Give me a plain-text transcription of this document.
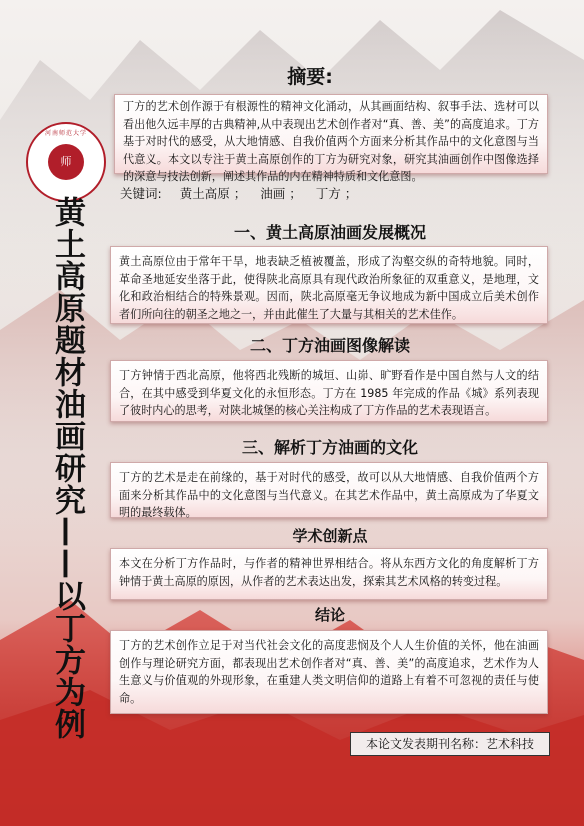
河南师范大学
师
黄土高原题材油画研究——以丁方为例
摘要:
丁方的艺术创作源于有根源性的精神文化涌动，从其画面结构、叙事手法、选材可以看出他久远丰厚的古典精神,从中表现出艺术创作者对“真、善、美”的高度追求。丁方基于对时代的感受，从大地情感、自我价值两个方面来分析其作品中的文化意图与当代意义。本文以专注于黄土高原创作的丁方为研究对象，研究其油画创作中图像选择的深意与技法创新，阐述其作品的内在精神特质和文化意图。
关键词: 黄土高原 ； 油画 ； 丁方 ；
一、黄土高原油画发展概况
黄土高原位由于常年干旱，地表缺乏植被覆盖，形成了沟壑交纵的奇特地貌。同时，革命圣地延安坐落于此，使得陕北高原具有现代政治所象征的双重意义，是地理，文化和政治相结合的特殊景观。因而，陕北高原毫无争议地成为新中国成立后美术创作者们所向往的朝圣之地之一，并由此催生了大量与其相关的艺术佳作。
二、丁方油画图像解读
丁方钟情于西北高原，他将西北残断的城垣、山峁、旷野看作是中国自然与人文的结合，在其中感受到华夏文化的永恒形态。丁方在 1985 年完成的作品《城》系列表现了彼时内心的思考，对陕北城堡的核心关注构成了丁方作品的艺术表现语言。
三、解析丁方油画的文化
丁方的艺术是走在前缘的，基于对时代的感受，故可以从大地情感、自我价值两个方面来分析其作品中的文化意图与当代意义。在其艺术作品中，黄土高原成为了华夏文明的最终载体。
学术创新点
本文在分析丁方作品时，与作者的精神世界相结合。将从东西方文化的角度解析丁方钟情于黄土高原的原因，从作者的艺术表达出发，探索其艺术风格的转变过程。
结论
丁方的艺术创作立足于对当代社会文化的高度悲悯及个人人生价值的关怀，他在油画创作与理论研究方面，都表现出艺术创作者对“真、善、美”的高度追求，艺术作为人生意义与价值观的外现形象，在重建人类文明信仰的道路上有着不可忽视的责任与使命。
本论文发表期刊名称：艺术科技
